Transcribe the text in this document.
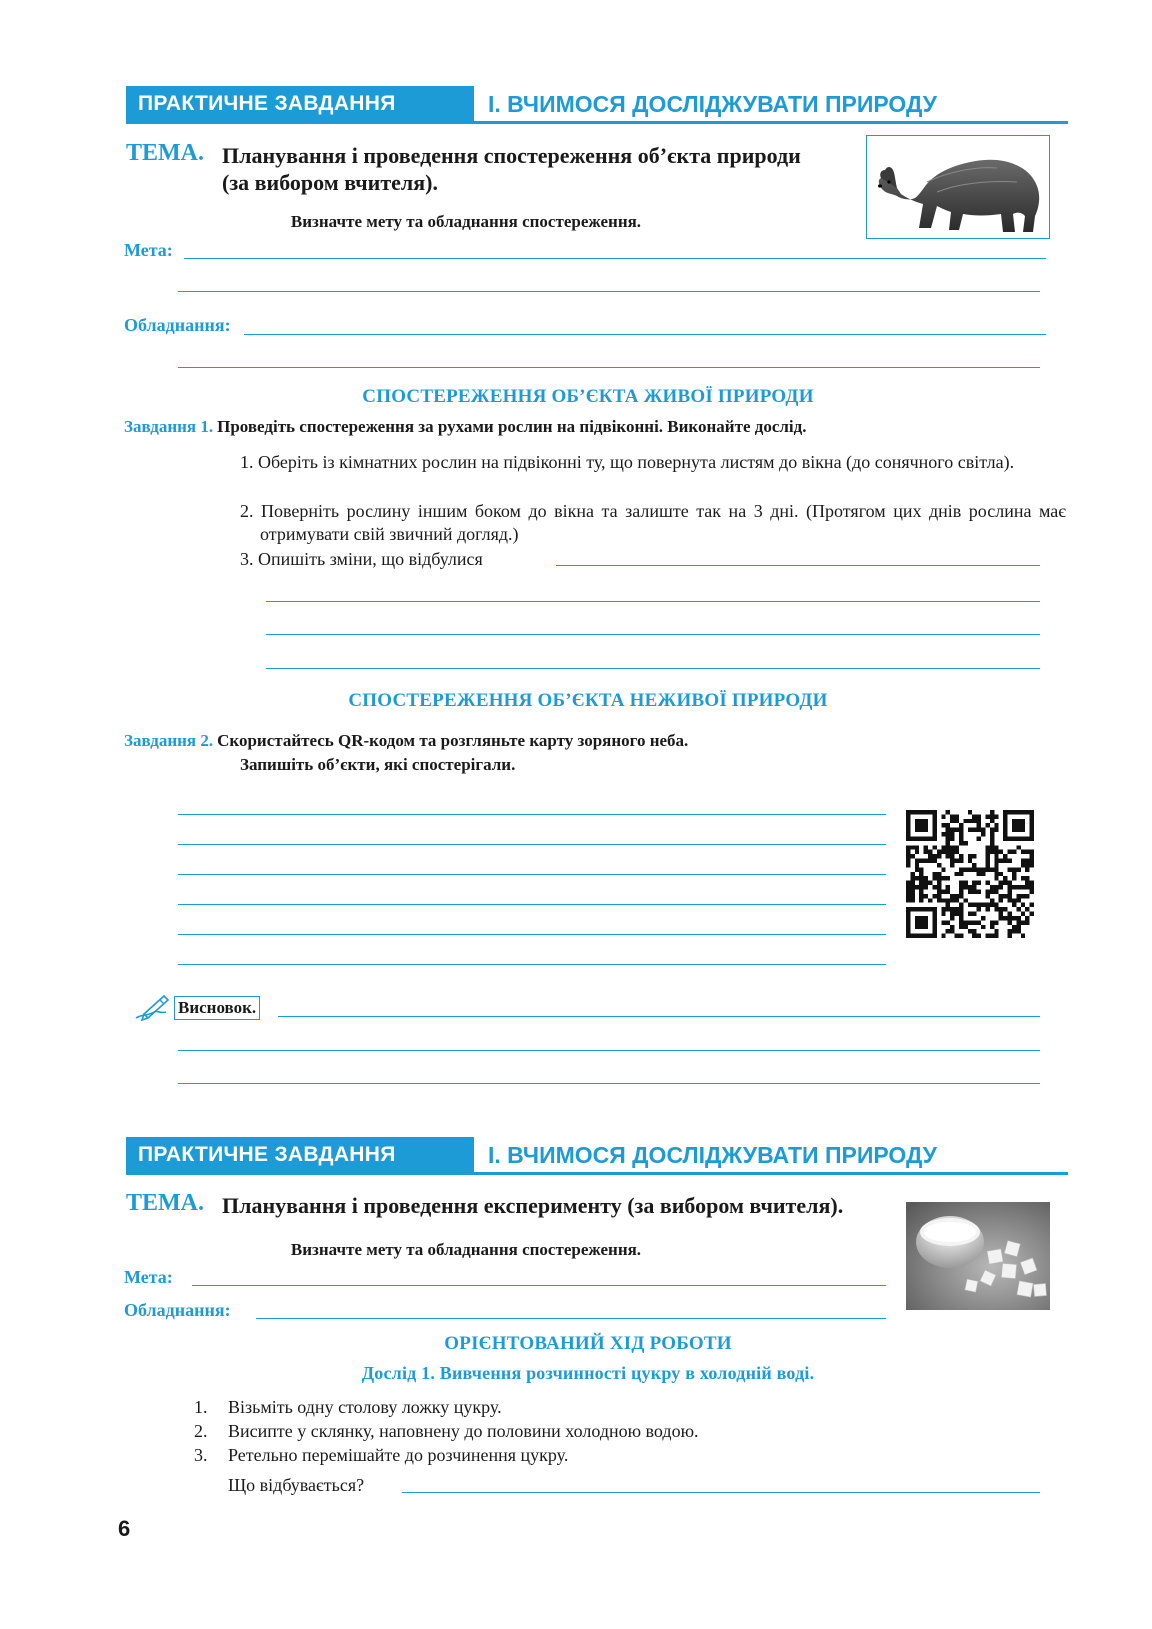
ПРАКТИЧНЕ ЗАВДАННЯ	І. ВЧИМОСЯ ДОСЛІДЖУВАТИ ПРИРОДУ
ТЕМА. Планування і проведення спостереження об’єкта природи
(за вибором вчителя).
Визначте мету та обладнання спостереження.
Мета:
Обладнання:
СПОСТЕРЕЖЕННЯ ОБ’ЄКТА ЖИВОЇ ПРИРОДИ
Завдання 1. Проведіть спостереження за рухами рослин на підвіконні. Виконайте дослід.
1. Оберіть із кімнатних рослин на підвіконні ту, що повернута листям до вікна (до сонячного світла).
2. Поверніть рослину іншим боком до вікна та залиште так на 3 дні. (Протягом цих днів рослина має отримувати свій звичний догляд.)
3. Опишіть зміни, що відбулися
СПОСТЕРЕЖЕННЯ ОБ’ЄКТА НЕЖИВОЇ ПРИРОДИ
Завдання 2. Скористайтесь QR-кодом та розгляньте карту зоряного неба.
Запишіть об’єкти, які спостерігали.
Висновок.
ПРАКТИЧНЕ ЗАВДАННЯ	І. ВЧИМОСЯ ДОСЛІДЖУВАТИ ПРИРОДУ
ТЕМА. Планування і проведення експерименту (за вибором вчителя).
Визначте мету та обладнання спостереження.
Мета:
Обладнання:
ОРІЄНТОВАНИЙ ХІД РОБОТИ
Дослід 1. Вивчення розчинності цукру в холодній воді.
1. Візьміть одну столову ложку цукру.
2. Висипте у склянку, наповнену до половини холодною водою.
3. Ретельно перемішайте до розчинення цукру.
Що відбувається?
6
